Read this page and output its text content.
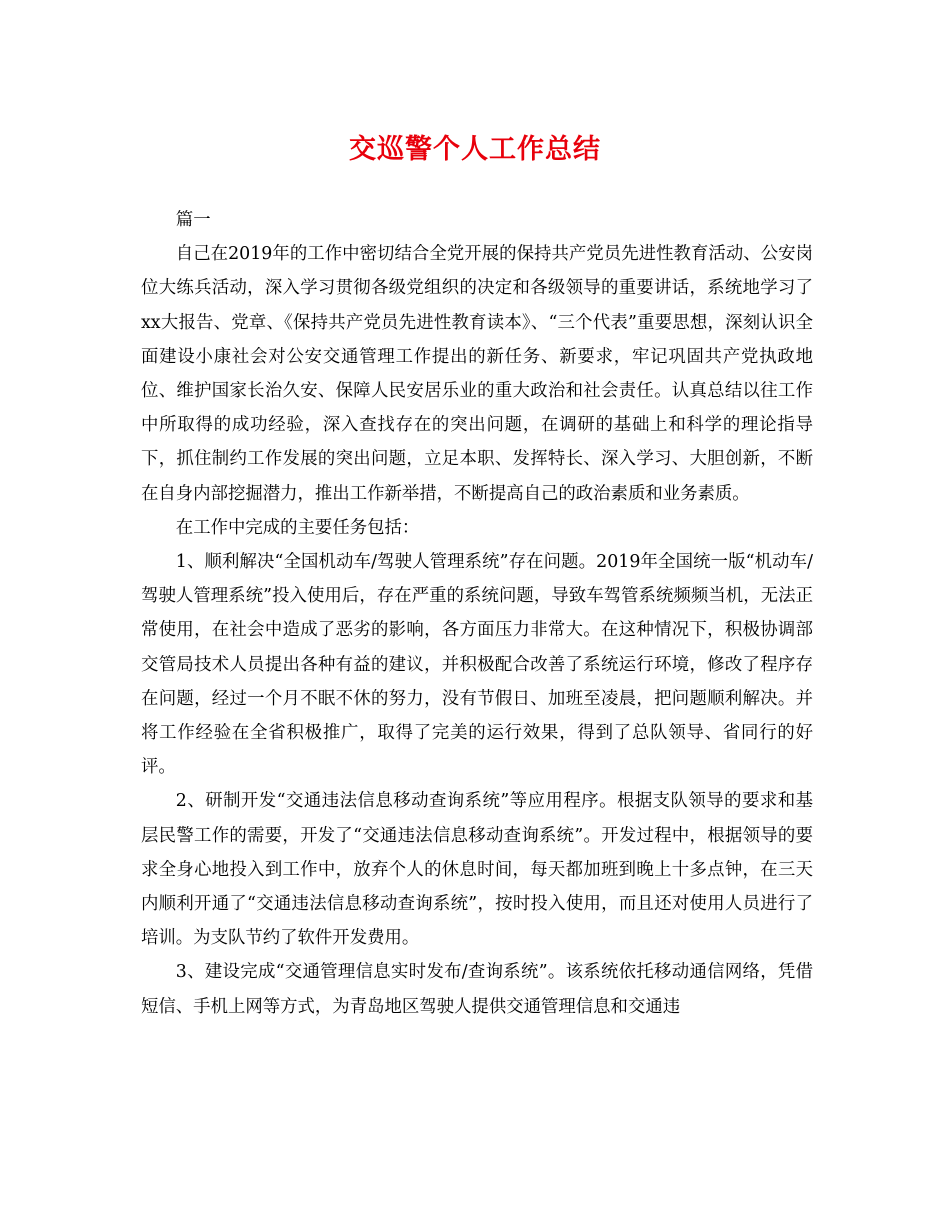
交巡警个人工作总结

篇一

自己在2019年的工作中密切结合全党开展的保持共产党员先进性教育活动、公安岗位大练兵活动，深入学习贯彻各级党组织的决定和各级领导的重要讲话，系统地学习了xx大报告、党章、《保持共产党员先进性教育读本》、“三个代表”重要思想，深刻认识全面建设小康社会对公安交通管理工作提出的新任务、新要求，牢记巩固共产党执政地位、维护国家长治久安、保障人民安居乐业的重大政治和社会责任。认真总结以往工作中所取得的成功经验，深入查找存在的突出问题，在调研的基础上和科学的理论指导下，抓住制约工作发展的突出问题，立足本职、发挥特长、深入学习、大胆创新，不断在自身内部挖掘潜力，推出工作新举措，不断提高自己的政治素质和业务素质。

在工作中完成的主要任务包括：

1、顺利解决“全国机动车/驾驶人管理系统”存在问题。2019年全国统一版“机动车/驾驶人管理系统”投入使用后，存在严重的系统问题，导致车驾管系统频频当机，无法正常使用，在社会中造成了恶劣的影响，各方面压力非常大。在这种情况下，积极协调部交管局技术人员提出各种有益的建议，并积极配合改善了系统运行环境，修改了程序存在问题，经过一个月不眠不休的努力，没有节假日、加班至凌晨，把问题顺利解决。并将工作经验在全省积极推广，取得了完美的运行效果，得到了总队领导、省同行的好评。

2、研制开发“交通违法信息移动查询系统”等应用程序。根据支队领导的要求和基层民警工作的需要，开发了“交通违法信息移动查询系统”。开发过程中，根据领导的要求全身心地投入到工作中，放弃个人的休息时间，每天都加班到晚上十多点钟，在三天内顺利开通了“交通违法信息移动查询系统”，按时投入使用，而且还对使用人员进行了培训。为支队节约了软件开发费用。

3、建设完成“交通管理信息实时发布/查询系统”。该系统依托移动通信网络，凭借短信、手机上网等方式，为青岛地区驾驶人提供交通管理信息和交通违
